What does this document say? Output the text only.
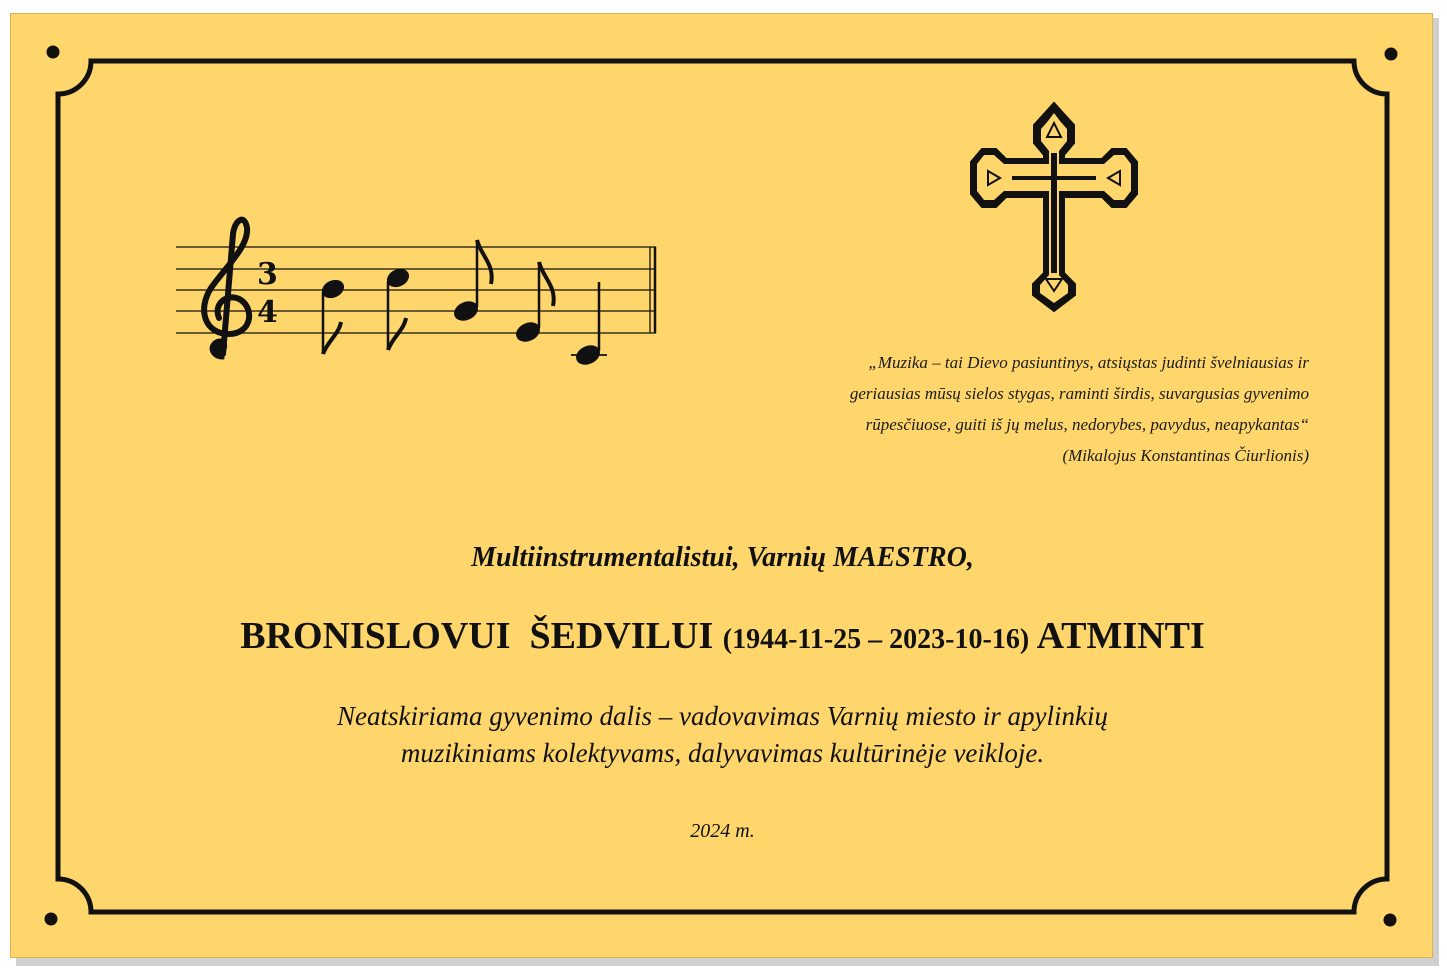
3
4
„Muzika – tai Dievo pasiuntinys, atsiųstas judinti švelniausias ir
geriausias mūsų sielos stygas, raminti širdis, suvargusias gyvenimo
rūpesčiuose, guiti iš jų melus, nedorybes, pavydus, neapykantas“
(Mikalojus Konstantinas Čiurlionis)
Multiinstrumentalistui, Varnių MAESTRO,
BRONISLOVUI  ŠEDVILUI (1944-11-25 – 2023-10-16) ATMINTI
Neatskiriama gyvenimo dalis – vadovavimas Varnių miesto ir apylinkių
muzikiniams kolektyvams, dalyvavimas kultūrinėje veikloje.
2024 m.
